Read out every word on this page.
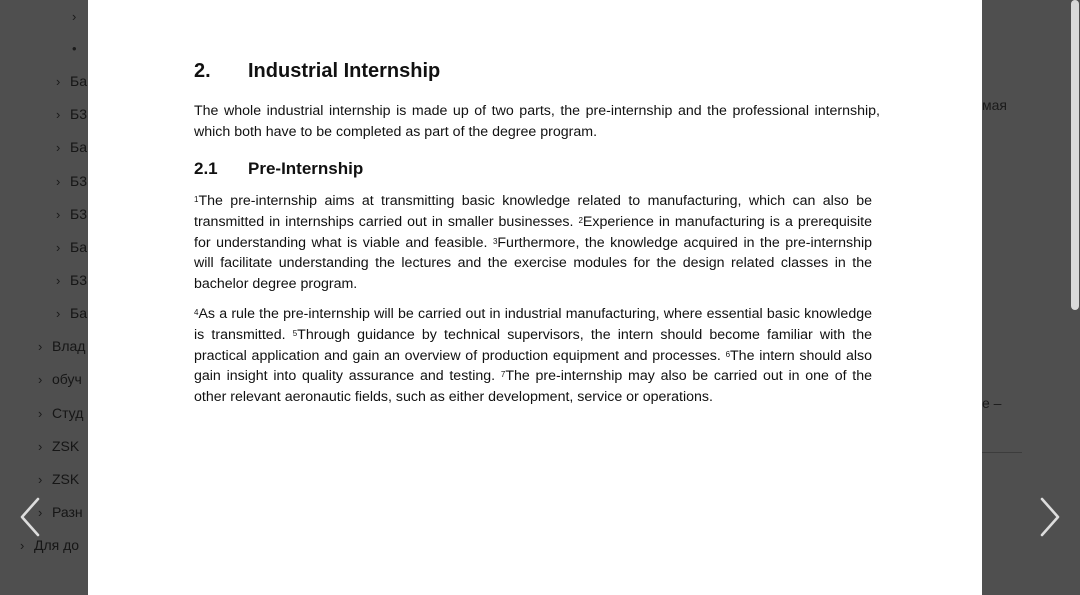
2. Industrial Internship

The whole industrial internship is made up of two parts, the pre-internship and the professional internship, which both have to be completed as part of the degree program.

2.1 Pre-Internship

$^1$The pre-internship aims at transmitting basic knowledge related to manufacturing, which can also be transmitted in internships carried out in smaller businesses. $^2$Experience in manufacturing is a prerequisite for understanding what is viable and feasible. $^3$Furthermore, the knowledge acquired in the pre-internship will facilitate understanding the lectures and the exercise modules for the design related classes in the bachelor degree program.

$^4$As a rule the pre-internship will be carried out in industrial manufacturing, where essential basic knowledge is transmitted. $^5$Through guidance by technical supervisors, the intern should become familiar with the practical application and gain an overview of production equipment and processes. $^6$The intern should also gain insight into quality assurance and testing. $^7$The pre-internship may also be carried out in one of the other relevant aeronautic fields, such as either development, service or operations.
